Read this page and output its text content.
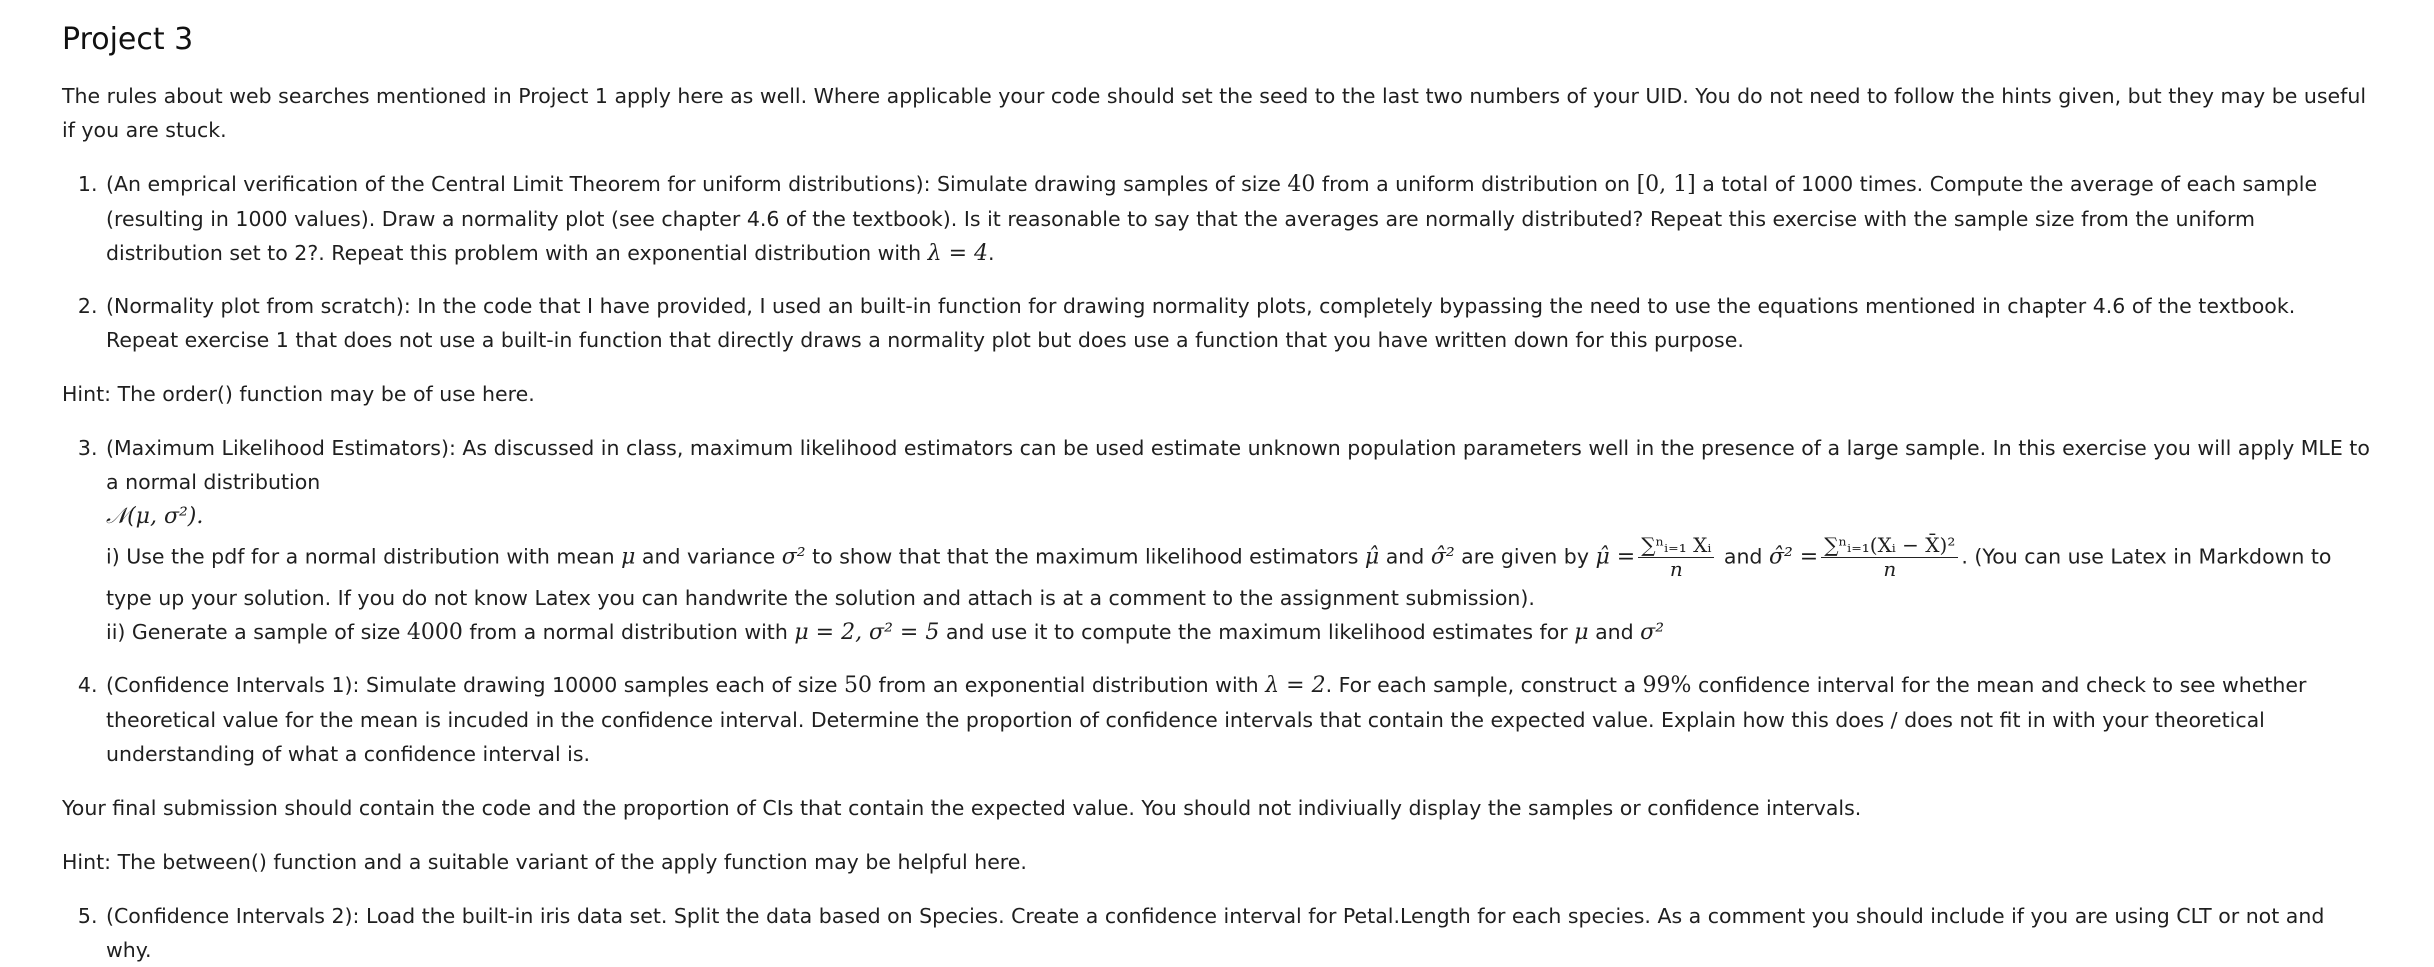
Project 3

The rules about web searches mentioned in Project 1 apply here as well. Where applicable your code should set the seed to the last two numbers of your UID. You do not need to follow the hints given, but they may be useful if you are stuck.

1. (An emprical verification of the Central Limit Theorem for uniform distributions): Simulate drawing samples of size 40 from a uniform distribution on [0, 1] a total of 1000 times. Compute the average of each sample (resulting in 1000 values). Draw a normality plot (see chapter 4.6 of the textbook). Is it reasonable to say that the averages are normally distributed? Repeat this exercise with the sample size from the uniform distribution set to 2?. Repeat this problem with an exponential distribution with λ = 4.
2. (Normality plot from scratch): In the code that I have provided, I used an built-in function for drawing normality plots, completely bypassing the need to use the equations mentioned in chapter 4.6 of the textbook. Repeat exercise 1 that does not use a built-in function that directly draws a normality plot but does use a function that you have written down for this purpose.

Hint: The order() function may be of use here.

3. (Maximum Likelihood Estimators): As discussed in class, maximum likelihood estimators can be used estimate unknown population parameters well in the presence of a large sample. In this exercise you will apply MLE to a normal distribution
𝒩(μ, σ²).
i) Use the pdf for a normal distribution with mean μ and variance σ² to show that that the maximum likelihood estimators μ̂ and σ̂² are given by μ̂ = $\frac{\text{∑ⁿᵢ₌₁ Xᵢ}}{n}$ and σ̂² = $\frac{\text{∑ⁿᵢ₌₁(Xᵢ − X̄)²}}{n}$ . (You can use Latex in Markdown to type up your solution. If you do not know Latex you can handwrite the solution and attach is at a comment to the assignment submission).
ii) Generate a sample of size 4000 from a normal distribution with μ = 2, σ² = 5 and use it to compute the maximum likelihood estimates for μ and σ²
4. (Confidence Intervals 1): Simulate drawing 10000 samples each of size 50 from an exponential distribution with λ = 2. For each sample, construct a 99% confidence interval for the mean and check to see whether theoretical value for the mean is incuded in the confidence interval. Determine the proportion of confidence intervals that contain the expected value. Explain how this does / does not fit in with your theoretical understanding of what a confidence interval is.

Your final submission should contain the code and the proportion of CIs that contain the expected value. You should not indiviually display the samples or confidence intervals.

Hint: The between() function and a suitable variant of the apply function may be helpful here.

5. (Confidence Intervals 2): Load the built-in iris data set. Split the data based on Species. Create a confidence interval for Petal.Length for each species. As a comment you should include if you are using CLT or not and why.
